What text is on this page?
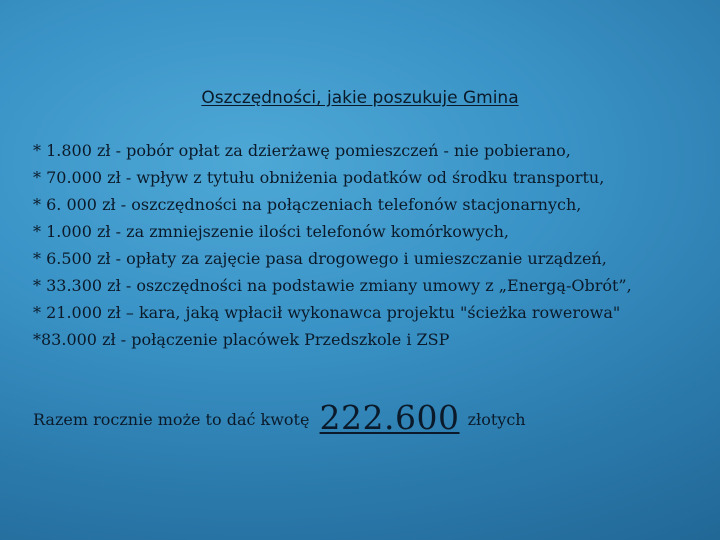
Oszczędności, jakie poszukuje Gmina
* 1.800 zł - pobór opłat za dzierżawę pomieszczeń - nie pobierano,
* 70.000 zł - wpływ z tytułu obniżenia podatków od środku transportu,
* 6. 000 zł - oszczędności na połączeniach telefonów stacjonarnych,
* 1.000 zł - za zmniejszenie ilości telefonów komórkowych,
* 6.500 zł - opłaty za zajęcie pasa drogowego i umieszczanie urządzeń,
* 33.300 zł - oszczędności na podstawie zmiany umowy z „Energą-Obrót”,
* 21.000 zł – kara, jaką wpłacił wykonawca projektu "ścieżka rowerowa"
*83.000 zł - połączenie placówek Przedszkole i ZSP
Razem rocznie może to dać kwotę 222.600 złotych
